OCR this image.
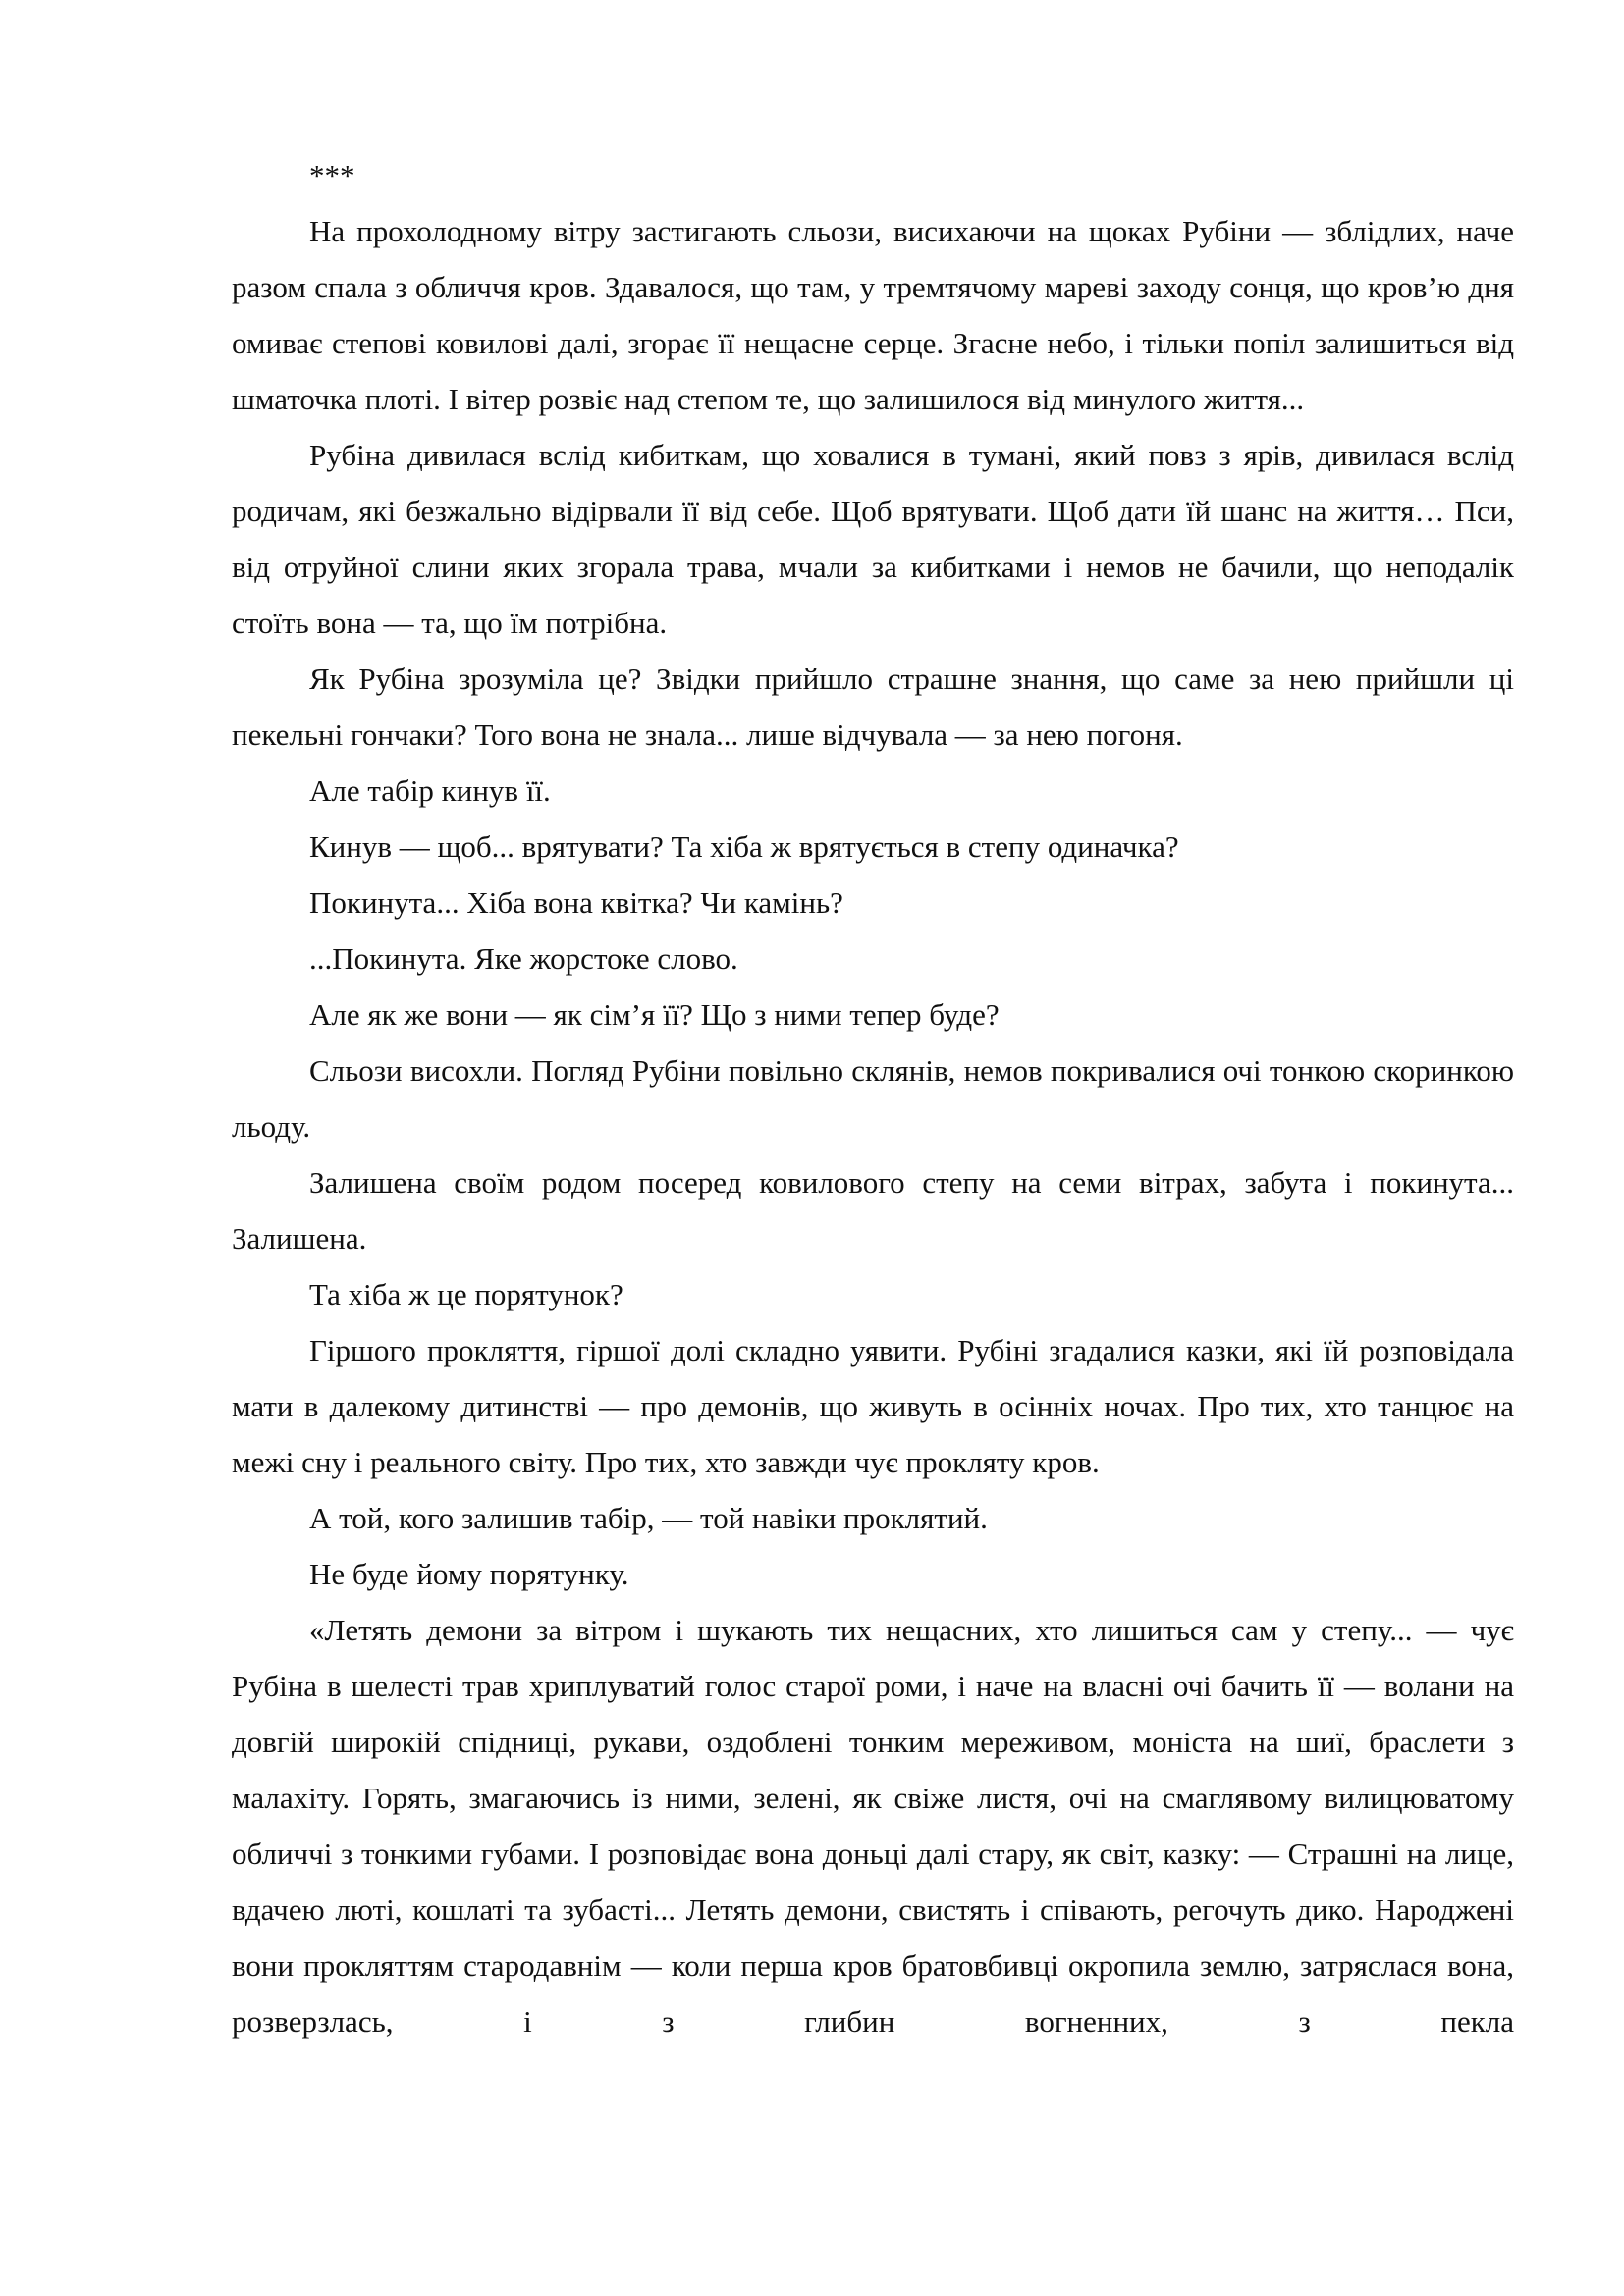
***

На прохолодному вітру застигають сльози, висихаючи на щоках Рубіни — зблідлих, наче разом спала з обличчя кров. Здавалося, що там, у тремтячому мареві заходу сонця, що кров’ю дня омиває степові ковилові далі, згорає її нещасне серце. Згасне небо, і тільки попіл залишиться від шматочка плоті. І вітер розвіє над степом те, що залишилося від минулого життя...

Рубіна дивилася вслід кибиткам, що ховалися в тумані, який повз з ярів, дивилася вслід родичам, які безжально відірвали її від себе. Щоб врятувати. Щоб дати їй шанс на життя… Пси, від отруйної слини яких згорала трава, мчали за кибитками і немов не бачили, що неподалік стоїть вона — та, що їм потрібна.

Як Рубіна зрозуміла це? Звідки прийшло страшне знання, що саме за нею прийшли ці пекельні гончаки? Того вона не знала... лише відчувала — за нею погоня.

Але табір кинув її.

Кинув — щоб... врятувати? Та хіба ж врятується в степу одиначка?

Покинута... Хіба вона квітка? Чи камінь?

...Покинута. Яке жорстоке слово.

Але як же вони — як сім’я її? Що з ними тепер буде?

Сльози висохли. Погляд Рубіни повільно склянів, немов покривалися очі тонкою скоринкою льоду.

Залишена своїм родом посеред ковилового степу на семи вітрах, забута і покинута... Залишена.

Та хіба ж це порятунок?

Гіршого прокляття, гіршої долі складно уявити. Рубіні згадалися казки, які їй розповідала мати в далекому дитинстві — про демонів, що живуть в осінніх ночах. Про тих, хто танцює на межі сну і реального світу. Про тих, хто завжди чує прокляту кров.

А той, кого залишив табір, — той навіки проклятий.

Не буде йому порятунку.

«Летять демони за вітром і шукають тих нещасних, хто лишиться сам у степу... — чує Рубіна в шелесті трав хриплуватий голос старої роми, і наче на власні очі бачить її — волани на довгій широкій спідниці, рукави, оздоблені тонким мереживом, моніста на шиї, браслети з малахіту. Горять, змагаючись із ними, зелені, як свіже листя, очі на смаглявому вилицюватому обличчі з тонкими губами. І розповідає вона доньці далі стару, як світ, казку: — Страшні на лице, вдачею люті, кошлаті та зубасті... Летять демони, свистять і співають, регочуть дико. Народжені вони прокляттям стародавнім — коли перша кров братовбивці окропила землю, затряслася вона, розверзлась, і з глибин вогненних, з пекла
